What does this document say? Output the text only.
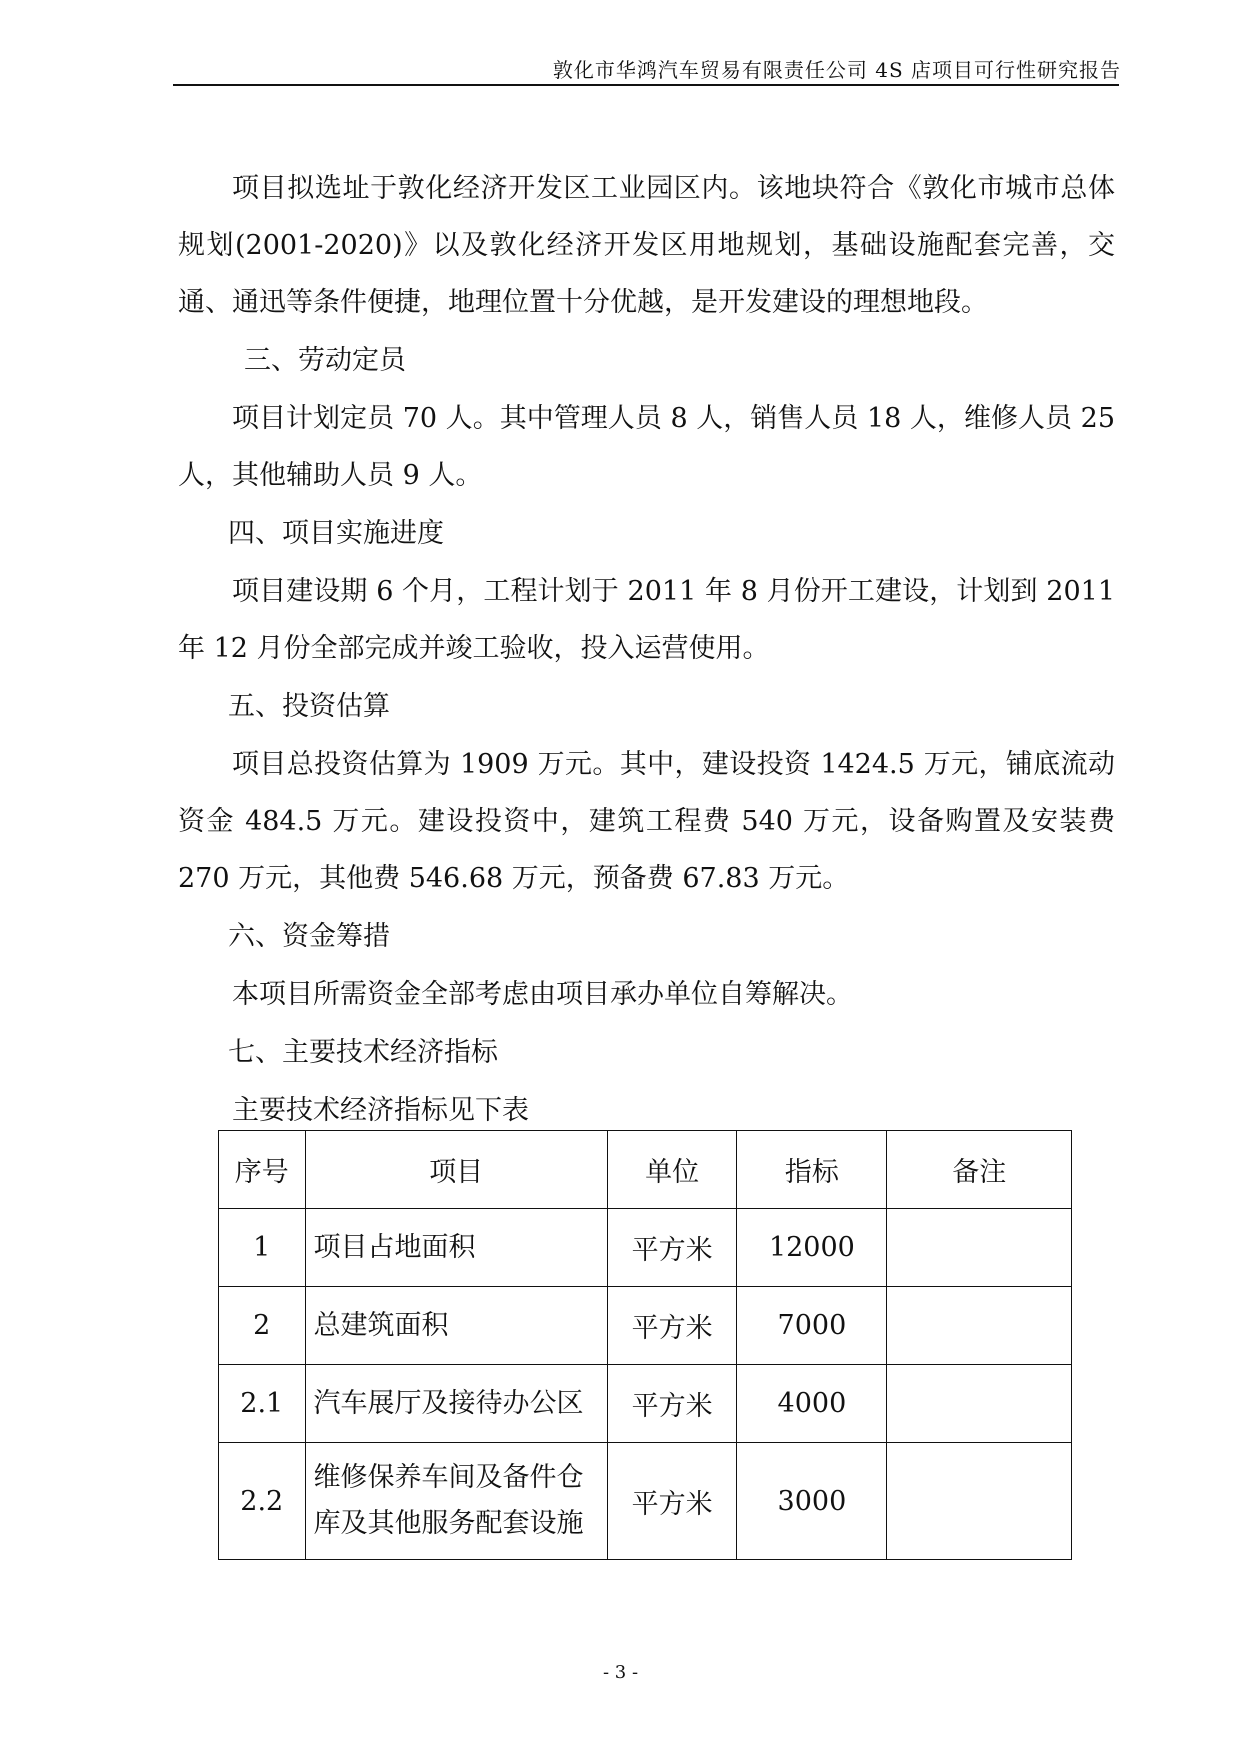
敦化市华鸿汽车贸易有限责任公司 4S 店项目可行性研究报告

项目拟选址于敦化经济开发区工业园区内。该地块符合《敦化市城市总体规划(2001-2020)》以及敦化经济开发区用地规划，基础设施配套完善，交通、通迅等条件便捷，地理位置十分优越，是开发建设的理想地段。

三、劳动定员

项目计划定员 70 人。其中管理人员 8 人，销售人员 18 人，维修人员 25 人，其他辅助人员 9 人。

四、项目实施进度

项目建设期 6 个月，工程计划于 2011 年 8 月份开工建设，计划到 2011 年 12 月份全部完成并竣工验收，投入运营使用。

五、投资估算

项目总投资估算为 1909 万元。其中，建设投资 1424.5 万元，铺底流动资金 484.5 万元。建设投资中，建筑工程费 540 万元，设备购置及安装费 270 万元，其他费 546.68 万元，预备费 67.83 万元。

六、资金筹措

本项目所需资金全部考虑由项目承办单位自筹解决。

七、主要技术经济指标

主要技术经济指标见下表

序号	项目	单位	指标	备注
1	项目占地面积	平方米	12000	
2	总建筑面积	平方米	7000	
2.1	汽车展厅及接待办公区	平方米	4000	
2.2	维修保养车间及备件仓库及其他服务配套设施	平方米	3000	
- 3 -
